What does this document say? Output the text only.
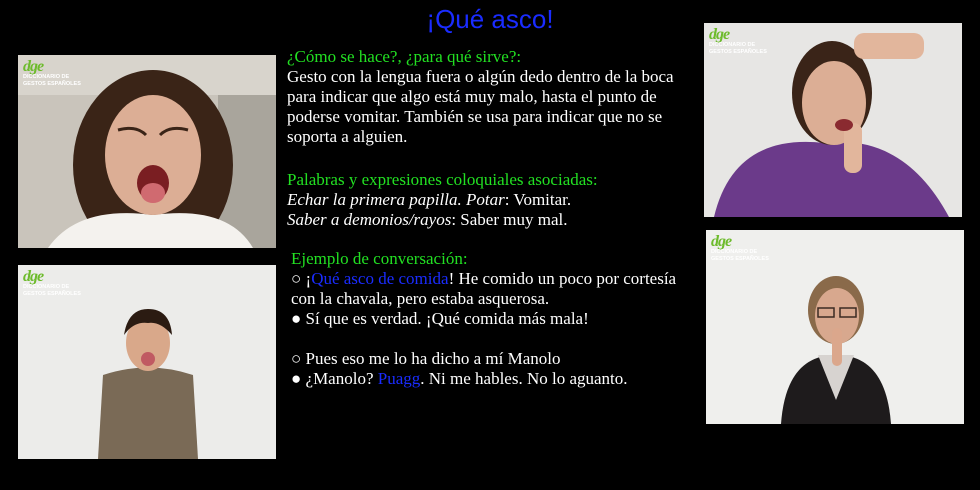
¡Qué asco!
dge
DICCIONARIO DE
GESTOS ESPAÑOLES
dge
DICCIONARIO DE
GESTOS ESPAÑOLES
dge
DICCIONARIO DE
GESTOS ESPAÑOLES
dge
DICCIONARIO DE
GESTOS ESPAÑOLES

¿Cómo se hace?, ¿para qué sirve?:

Gesto con la lengua fuera o algún dedo dentro de la boca para indicar que algo está muy malo, hasta el punto de poderse vomitar. También se usa para indicar que no se soporta a alguien.

Palabras y expresiones coloquiales asociadas:

Echar la primera papilla. Potar: Vomitar.

Saber a demonios/rayos: Saber muy mal.

Ejemplo de conversación:

○ ¡Qué asco de comida! He comido un poco por cortesía con la chavala, pero estaba asquerosa.

● Sí que es verdad. ¡Qué comida más mala!

○ Pues eso me lo ha dicho a mí Manolo

● ¿Manolo? Puagg. Ni me hables. No lo aguanto.
